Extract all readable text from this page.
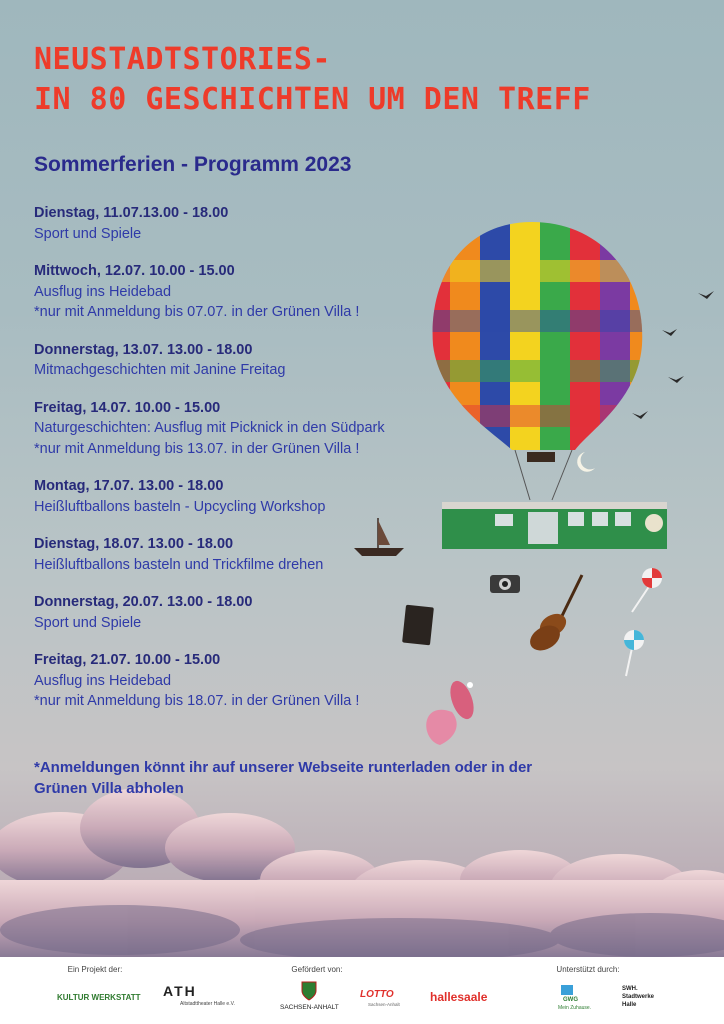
NEUSTADTSTORIES-
IN 80 GESCHICHTEN UM DEN TREFF
Sommerferien - Programm 2023
Dienstag, 11.07.13.00 - 18.00
Sport und Spiele
Mittwoch, 12.07. 10.00 - 15.00
Ausflug ins Heidebad
*nur mit Anmeldung bis 07.07. in der Grünen Villa !
Donnerstag, 13.07. 13.00 - 18.00
Mitmachgeschichten mit Janine Freitag
Freitag, 14.07. 10.00 - 15.00
Naturgeschichten: Ausflug mit Picknick in den Südpark
*nur mit Anmeldung bis 13.07. in der Grünen Villa !
Montag, 17.07. 13.00 - 18.00
Heißluftballons basteln - Upcycling Workshop
Dienstag, 18.07. 13.00 - 18.00
Heißluftballons basteln und Trickfilme drehen
Donnerstag, 20.07. 13.00 - 18.00
Sport und Spiele
Freitag, 21.07. 10.00 - 15.00
Ausflug ins Heidebad
*nur mit Anmeldung bis 18.07. in der Grünen Villa !
*Anmeldungen könnt ihr auf unserer Webseite runterladen oder in der Grünen Villa abholen
Ein Projekt der:
KULTUR WERKSTATT ATH
Altstadttheater Halle e.V.
Gefördert von:
SACHSEN-ANHALT
LOTTO
Sachsen-Anhalt
hallesaale
Unterstützt durch:
GWG
Mein Zuhause.
SWH. Stadtwerke Halle
